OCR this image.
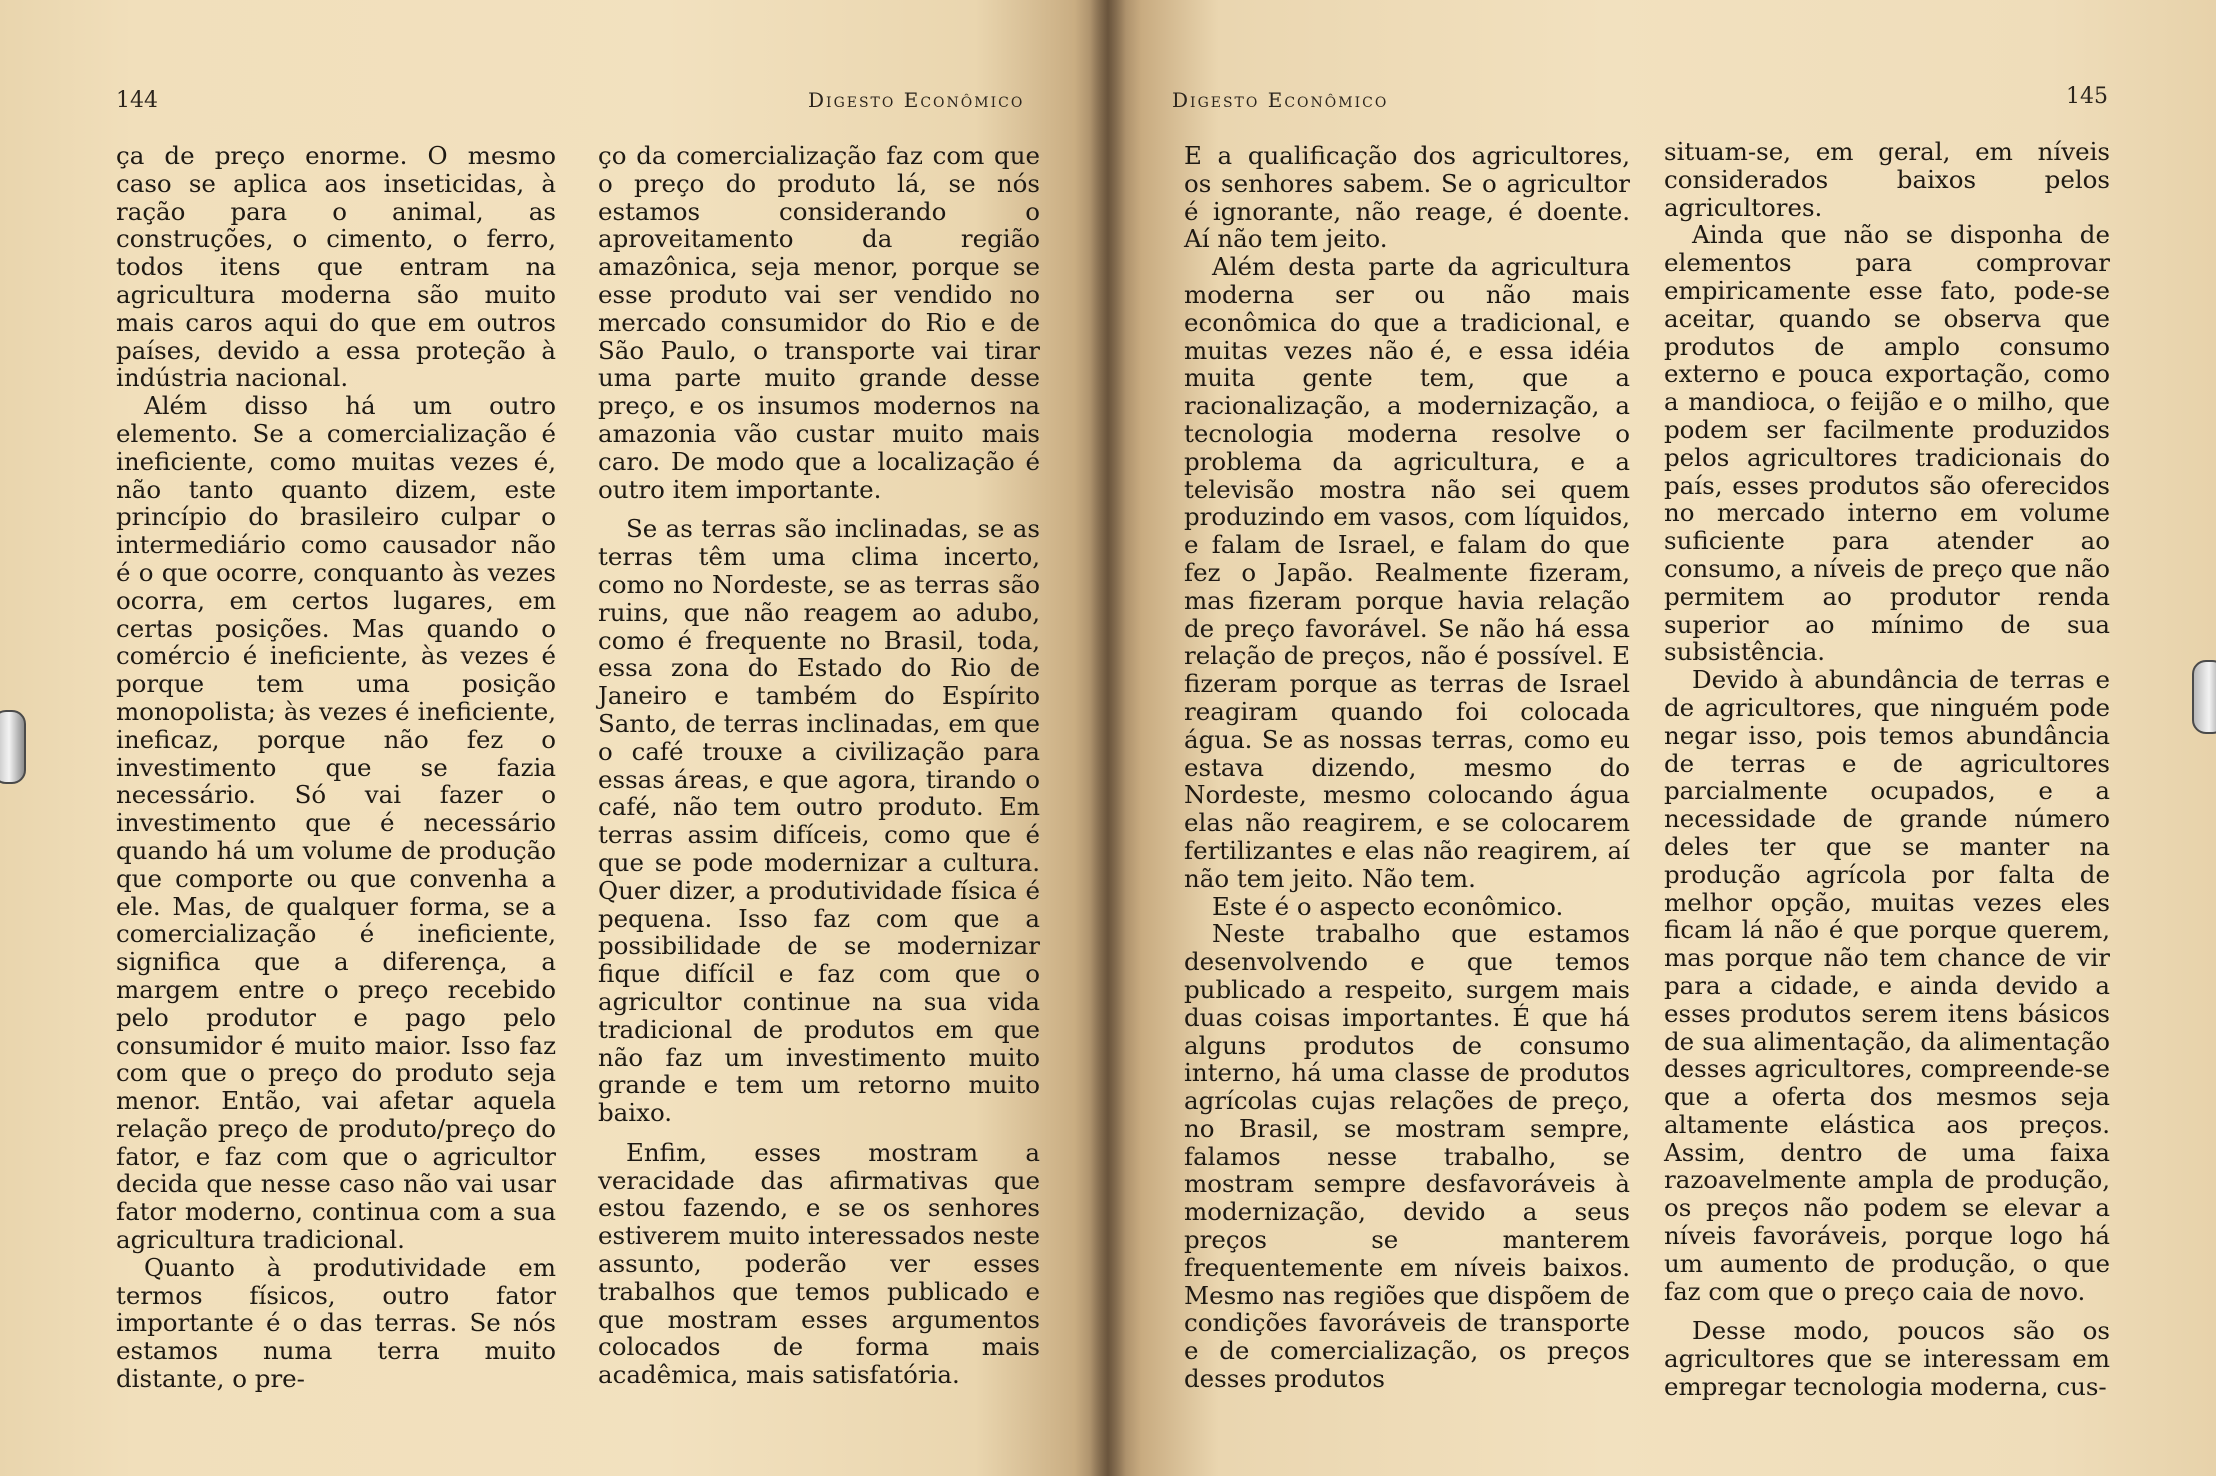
144	Digesto Econômico

ça de preço enorme. O mesmo caso se aplica aos inseticidas, à ração para o animal, as construções, o cimento, o ferro, todos itens que entram na agricultura moderna são muito mais caros aqui do que em outros países, devido a essa proteção à indústria nacional.

Além disso há um outro elemento. Se a comercialização é ineficiente, como muitas vezes é, não tanto quanto dizem, este princípio do brasileiro culpar o intermediário como causador não é o que ocorre, conquanto às vezes ocorra, em certos lugares, em certas posições. Mas quando o comércio é ineficiente, às vezes é porque tem uma posição monopolista; às vezes é ineficiente, ineficaz, porque não fez o investimento que se fazia necessário. Só vai fazer o investimento que é necessário quando há um volume de produção que comporte ou que convenha a ele. Mas, de qualquer forma, se a comercialização é ineficiente, significa que a diferença, a margem entre o preço recebido pelo produtor e pago pelo consumidor é muito maior. Isso faz com que o preço do produto seja menor. Então, vai afetar aquela relação preço de produto/preço do fator, e faz com que o agricultor decida que nesse caso não vai usar fator moderno, continua com a sua agricultura tradicional.

Quanto à produtividade em termos físicos, outro fator importante é o das terras. Se nós estamos numa terra muito distante, o pre-

ço da comercialização faz com que o preço do produto lá, se nós estamos considerando o aproveitamento da região amazônica, seja menor, porque se esse produto vai ser vendido no mercado consumidor do Rio e de São Paulo, o transporte vai tirar uma parte muito grande desse preço, e os insumos modernos na amazonia vão custar muito mais caro. De modo que a localização é outro item importante.

Se as terras são inclinadas, se as terras têm uma clima incerto, como no Nordeste, se as terras são ruins, que não reagem ao adubo, como é frequente no Brasil, toda, essa zona do Estado do Rio de Janeiro e também do Espírito Santo, de terras inclinadas, em que o café trouxe a civilização para essas áreas, e que agora, tirando o café, não tem outro produto. Em terras assim difíceis, como que é que se pode modernizar a cultura. Quer dizer, a produtividade física é pequena. Isso faz com que a possibilidade de se modernizar fique difícil e faz com que o agricultor continue na sua vida tradicional de produtos em que não faz um investimento muito grande e tem um retorno muito baixo.

Enfim, esses mostram a veracidade das afirmativas que estou fazendo, e se os senhores estiverem muito interessados neste assunto, poderão ver esses trabalhos que temos publicado e que mostram esses argumentos colocados de forma mais acadêmica, mais satisfatória.

Digesto Econômico	145

E a qualificação dos agricultores, os senhores sabem. Se o agricultor é ignorante, não reage, é doente. Aí não tem jeito.

Além desta parte da agricultura moderna ser ou não mais econômica do que a tradicional, e muitas vezes não é, e essa idéia muita gente tem, que a racionalização, a modernização, a tecnologia moderna resolve o problema da agricultura, e a televisão mostra não sei quem produzindo em vasos, com líquidos, e falam de Israel, e falam do que fez o Japão. Realmente fizeram, mas fizeram porque havia relação de preço favorável. Se não há essa relação de preços, não é possível. E fizeram porque as terras de Israel reagiram quando foi colocada água. Se as nossas terras, como eu estava dizendo, mesmo do Nordeste, mesmo colocando água elas não reagirem, e se colocarem fertilizantes e elas não reagirem, aí não tem jeito. Não tem.

Este é o aspecto econômico.

Neste trabalho que estamos desenvolvendo e que temos publicado a respeito, surgem mais duas coisas importantes. É que há alguns produtos de consumo interno, há uma classe de produtos agrícolas cujas relações de preço, no Brasil, se mostram sempre, falamos nesse trabalho, se mostram sempre desfavoráveis à modernização, devido a seus preços se manterem frequentemente em níveis baixos. Mesmo nas regiões que dispõem de condições favoráveis de transporte e de comercialização, os preços desses produtos

situam-se, em geral, em níveis considerados baixos pelos agricultores.

Ainda que não se disponha de elementos para comprovar empiricamente esse fato, pode-se aceitar, quando se observa que produtos de amplo consumo externo e pouca exportação, como a mandioca, o feijão e o milho, que podem ser facilmente produzidos pelos agricultores tradicionais do país, esses produtos são oferecidos no mercado interno em volume suficiente para atender ao consumo, a níveis de preço que não permitem ao produtor renda superior ao mínimo de sua subsistência.

Devido à abundância de terras e de agricultores, que ninguém pode negar isso, pois temos abundância de terras e de agricultores parcialmente ocupados, e a necessidade de grande número deles ter que se manter na produção agrícola por falta de melhor opção, muitas vezes eles ficam lá não é que porque querem, mas porque não tem chance de vir para a cidade, e ainda devido a esses produtos serem itens básicos de sua alimentação, da alimentação desses agricultores, compreende-se que a oferta dos mesmos seja altamente elástica aos preços. Assim, dentro de uma faixa razoavelmente ampla de produção, os preços não podem se elevar a níveis favoráveis, porque logo há um aumento de produção, o que faz com que o preço caia de novo.

Desse modo, poucos são os agricultores que se interessam em empregar tecnologia moderna, cus-
